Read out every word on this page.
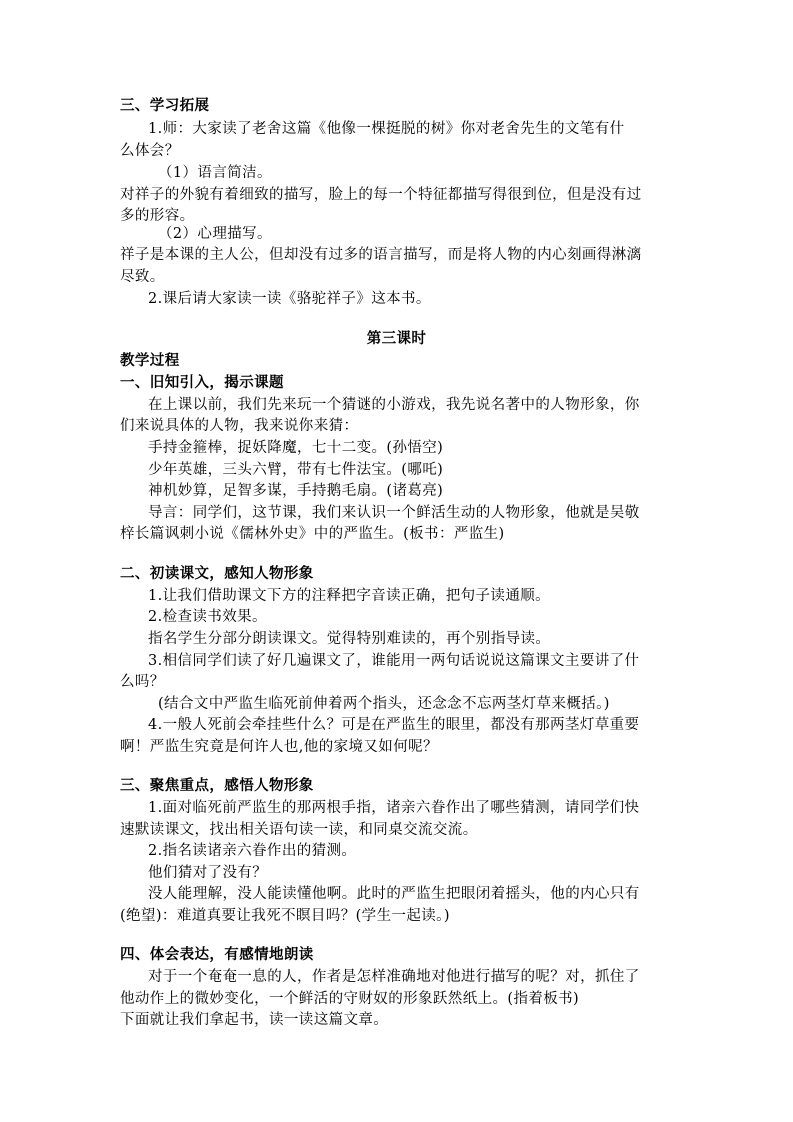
三、学习拓展
1.师：大家读了老舍这篇《他像一棵挺脱的树》你对老舍先生的文笔有什
么体会？
（1）语言简洁。
对祥子的外貌有着细致的描写，脸上的每一个特征都描写得很到位，但是没有过
多的形容。
（2）心理描写。
祥子是本课的主人公，但却没有过多的语言描写，而是将人物的内心刻画得淋漓
尽致。
2.课后请大家读一读《骆驼祥子》这本书。
第三课时
教学过程
一、旧知引入，揭示课题
在上课以前，我们先来玩一个猜谜的小游戏，我先说名著中的人物形象，你
们来说具体的人物，我来说你来猜：
手持金箍棒，捉妖降魔，七十二变。(孙悟空)
少年英雄，三头六臂，带有七件法宝。(哪吒)
神机妙算，足智多谋，手持鹅毛扇。(诸葛亮)
导言：同学们，这节课，我们来认识一个鲜活生动的人物形象，他就是吴敬
梓长篇讽刺小说《儒林外史》中的严监生。(板书：严监生)
二、初读课文，感知人物形象
1.让我们借助课文下方的注释把字音读正确，把句子读通顺。
2.检查读书效果。
指名学生分部分朗读课文。觉得特别难读的，再个别指导读。
3.相信同学们读了好几遍课文了，谁能用一两句话说说这篇课文主要讲了什
么吗？
(结合文中严监生临死前伸着两个指头，还念念不忘两茎灯草来概括。)
4.一般人死前会牵挂些什么？可是在严监生的眼里，都没有那两茎灯草重要
啊！严监生究竟是何许人也,他的家境又如何呢？
三、聚焦重点，感悟人物形象
1.面对临死前严监生的那两根手指，诸亲六眷作出了哪些猜测，请同学们快
速默读课文，找出相关语句读一读，和同桌交流交流。
2.指名读诸亲六眷作出的猜测。
他们猜对了没有？
没人能理解，没人能读懂他啊。此时的严监生把眼闭着摇头，他的内心只有
(绝望)：难道真要让我死不瞑目吗？(学生一起读。)
四、体会表达，有感情地朗读
对于一个奄奄一息的人，作者是怎样准确地对他进行描写的呢？对，抓住了
他动作上的微妙变化，一个鲜活的守财奴的形象跃然纸上。(指着板书)
下面就让我们拿起书，读一读这篇文章。
